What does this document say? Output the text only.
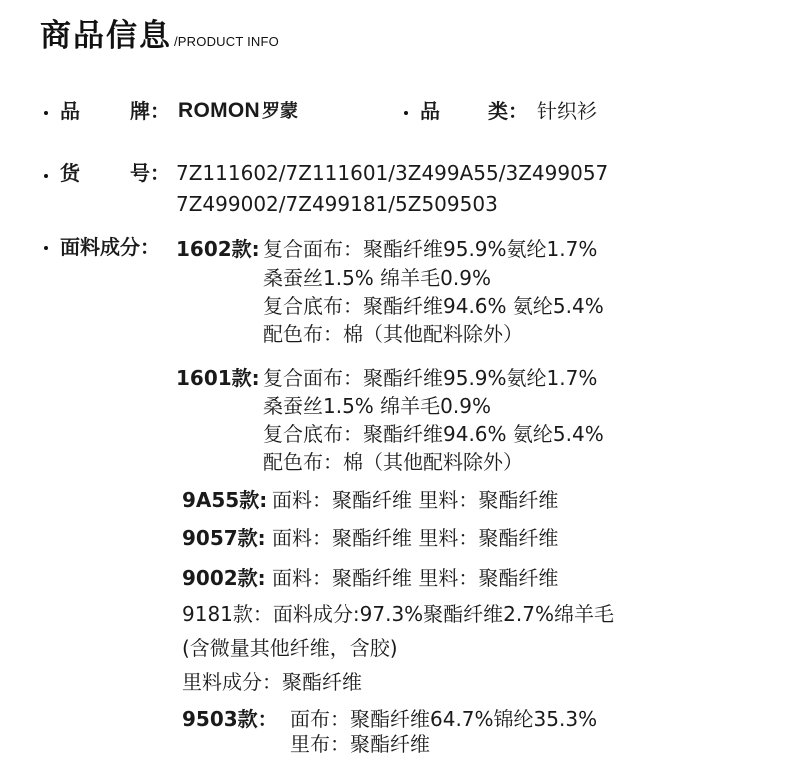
商品信息 /PRODUCT INFO
品	牌： ROMON 罗蒙	品 类： 针织衫
货	号： 7Z111602/7Z111601/3Z499A55/3Z499057
7Z499002/7Z499181/5Z509503
面料成分： 1602款: 复合面布：聚酯纤维95.9%氨纶1.7%
桑蚕丝1.5% 绵羊毛0.9%
复合底布：聚酯纤维94.6% 氨纶5.4%
配色布：棉（其他配料除外）
1601款: 复合面布：聚酯纤维95.9%氨纶1.7%
桑蚕丝1.5% 绵羊毛0.9%
复合底布：聚酯纤维94.6% 氨纶5.4%
配色布：棉（其他配料除外）
9A55款: 面料：聚酯纤维 里料：聚酯纤维
9057款: 面料：聚酯纤维 里料：聚酯纤维
9002款: 面料：聚酯纤维 里料：聚酯纤维
9181款：面料成分:97.3%聚酯纤维2.7%绵羊毛
(含微量其他纤维，含胶)
里料成分：聚酯纤维
9503款： 面布：聚酯纤维64.7%锦纶35.3%
里布：聚酯纤维
